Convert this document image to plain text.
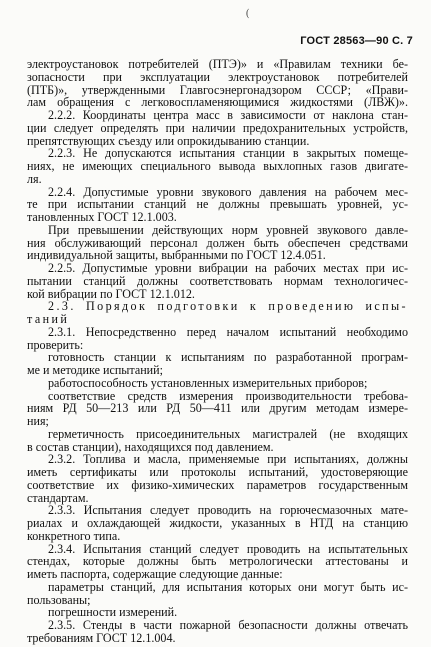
(
ГОСТ 28563—90 С. 7
электроустановок потребителей (ПТЭ)» и «Правилам техники бе-
зопасности при эксплуатации электроустановок потребителей
(ПТБ)», утвержденными Главгосэнергонадзором СССР; «Прави-
лам обращения с легковоспламеняющимися жидкостями (ЛВЖ)».
2.2.2. Координаты центра масс в зависимости от наклона стан-
ции следует определять при наличии предохранительных устройств,
препятствующих съезду или опрокидыванию станции.
2.2.3. Не допускаются испытания станции в закрытых помеще-
ниях, не имеющих специального вывода выхлопных газов двигате-
ля.
2.2.4. Допустимые уровни звукового давления на рабочем мес-
те при испытании станций не должны превышать уровней, ус-
тановленных ГОСТ 12.1.003.
При превышении действующих норм уровней звукового давле-
ния обслуживающий персонал должен быть обеспечен средствами
индивидуальной защиты, выбранными по ГОСТ 12.4.051.
2.2.5. Допустимые уровни вибрации на рабочих местах при ис-
пытании станций должны соответствовать нормам технологичес-
кой вибрации по ГОСТ 12.1.012.
2.3. Порядок подготовки к проведению испы-
таний
2.3.1. Непосредственно перед началом испытаний необходимо
проверить:
готовность станции к испытаниям по разработанной програм-
ме и методике испытаний;
работоспособность установленных измерительных приборов;
соответствие средств измерения производительности требова-
ниям РД 50—213 или РД 50—411 или другим методам измере-
ния;
герметичность присоединительных магистралей (не входящих
в состав станции), находящихся под давлением.
2.3.2. Топлива и масла, применяемые при испытаниях, должны
иметь сертификаты или протоколы испытаний, удостоверяющие
соответствие их физико-химических параметров государственным
стандартам.
2.3.3. Испытания следует проводить на горючесмазочных мате-
риалах и охлаждающей жидкости, указанных в НТД на станцию
конкретного типа.
2.3.4. Испытания станций следует проводить на испытательных
стендах, которые должны быть метрологически аттестованы и
иметь паспорта, содержащие следующие данные:
параметры станций, для испытания которых они могут быть ис-
пользованы;
погрешности измерений.
2.3.5. Стенды в части пожарной безопасности должны отвечать
требованиям ГОСТ 12.1.004.
